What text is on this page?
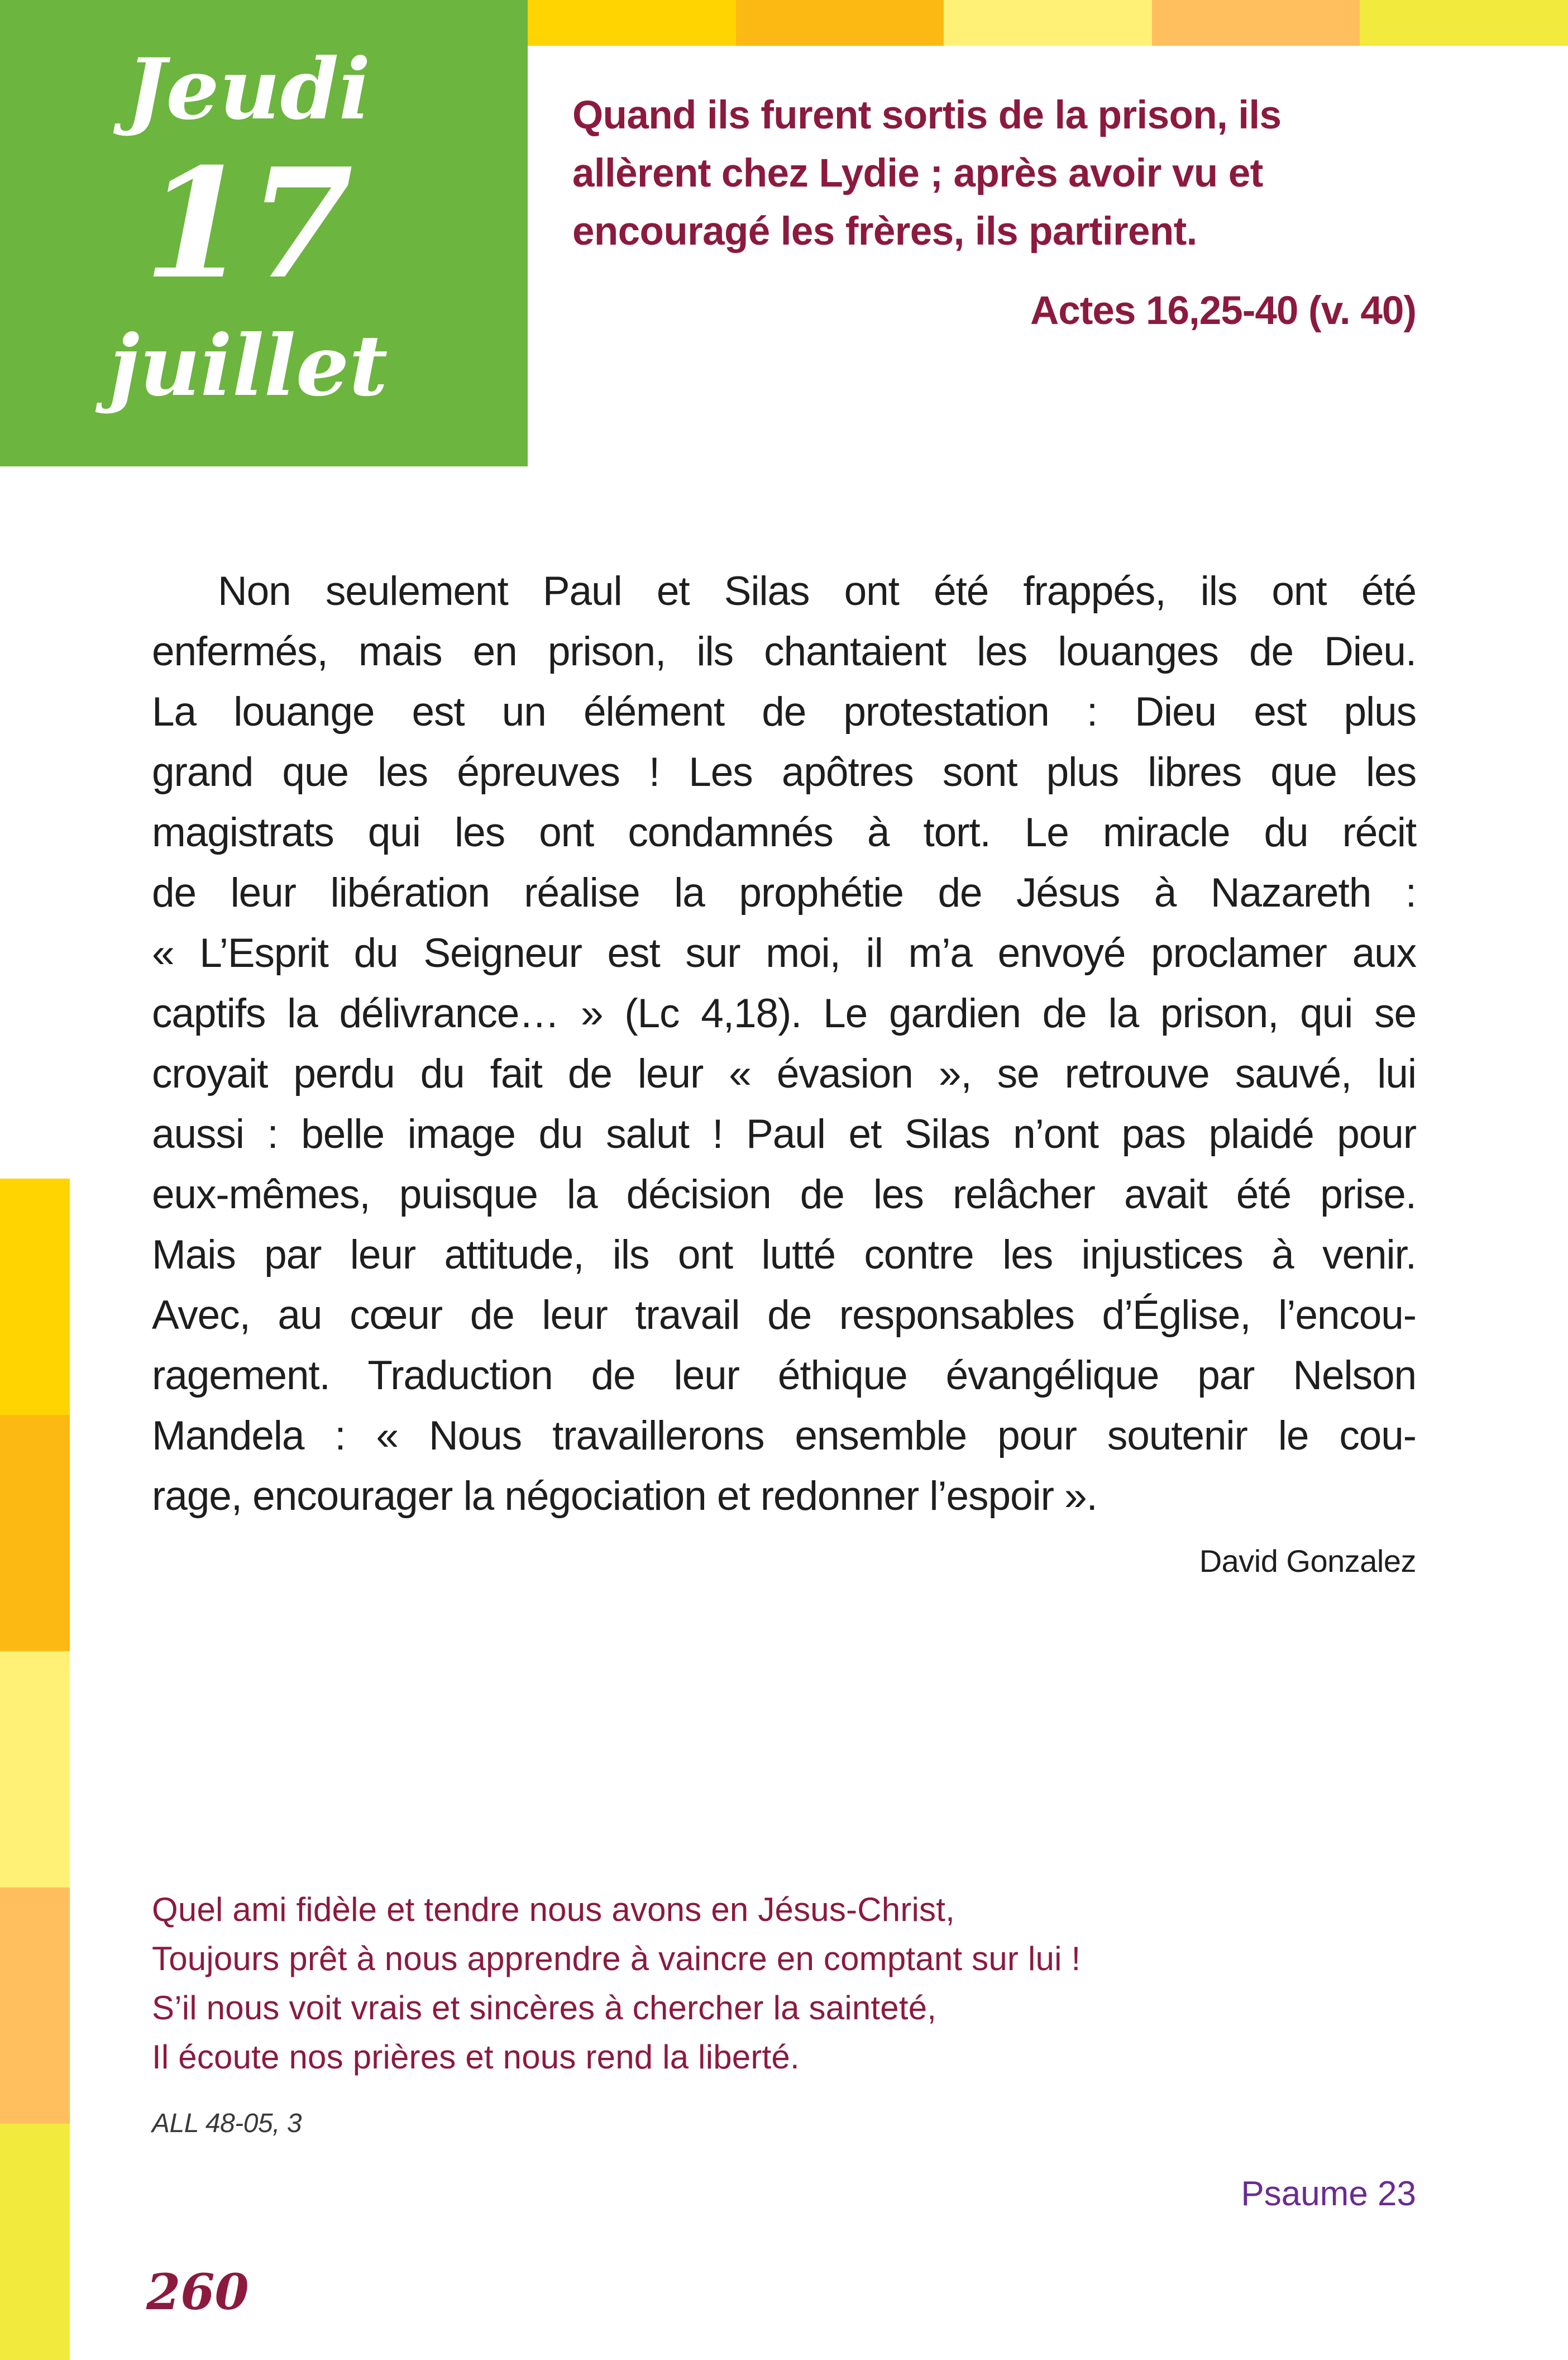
Jeudi
17
juillet
Quand ils furent sortis de la prison, ils allèrent chez Lydie ; après avoir vu et encouragé les frères, ils partirent.
Actes 16,25-40 (v. 40)
Non seulement Paul et Silas ont été frappés, ils ont été
enfermés, mais en prison, ils chantaient les louanges de Dieu.
La louange est un élément de protestation : Dieu est plus
grand que les épreuves ! Les apôtres sont plus libres que les
magistrats qui les ont condamnés à tort. Le miracle du récit
de leur libération réalise la prophétie de Jésus à Nazareth :
« L’Esprit du Seigneur est sur moi, il m’a envoyé proclamer aux
captifs la délivrance… » (Lc 4,18). Le gardien de la prison, qui se
croyait perdu du fait de leur « évasion », se retrouve sauvé, lui
aussi : belle image du salut ! Paul et Silas n’ont pas plaidé pour
eux-mêmes, puisque la décision de les relâcher avait été prise.
Mais par leur attitude, ils ont lutté contre les injustices à venir.
Avec, au cœur de leur travail de responsables d’Église, l’encou-
ragement. Traduction de leur éthique évangélique par Nelson
Mandela : « Nous travaillerons ensemble pour soutenir le cou-
rage, encourager la négociation et redonner l’espoir ».
David Gonzalez
Quel ami fidèle et tendre nous avons en Jésus-Christ,
Toujours prêt à nous apprendre à vaincre en comptant sur lui !
S’il nous voit vrais et sincères à chercher la sainteté,
Il écoute nos prières et nous rend la liberté.
ALL 48-05, 3
Psaume 23
260
